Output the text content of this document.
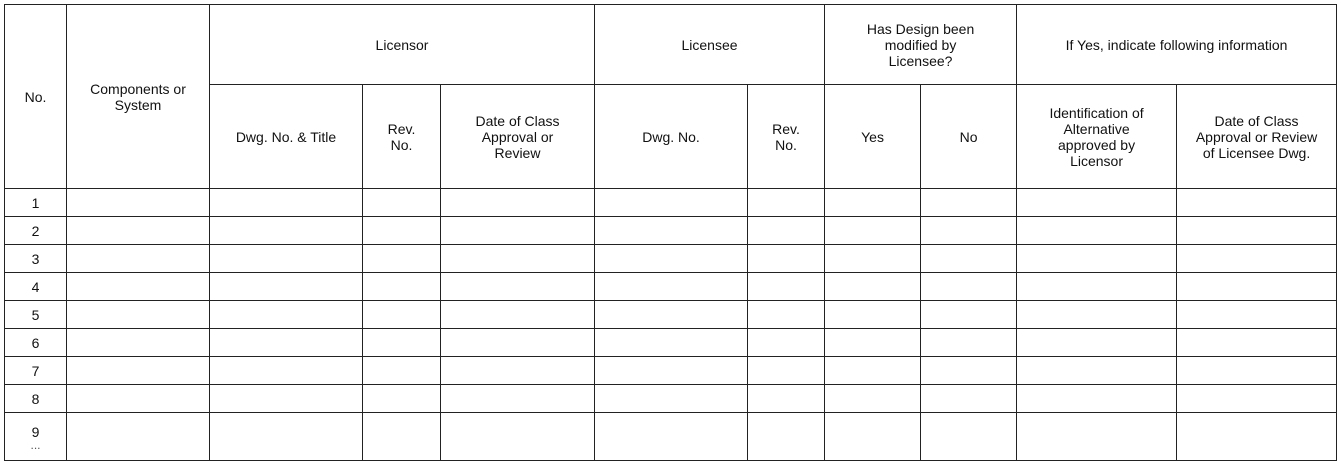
No.	Components or System	Licensor			Licensee		Has Design been modified by Licensee?		If Yes, indicate following information	
		Dwg. No. & Title	Rev. No.	Date of Class Approval or Review	Dwg. No.	Rev. No.	Yes	No	Identification of Alternative approved by Licensor	Date of Class Approval or Review of Licensee Dwg.
1										
2										
3										
4										
5										
6										
7										
8										
9
...										
